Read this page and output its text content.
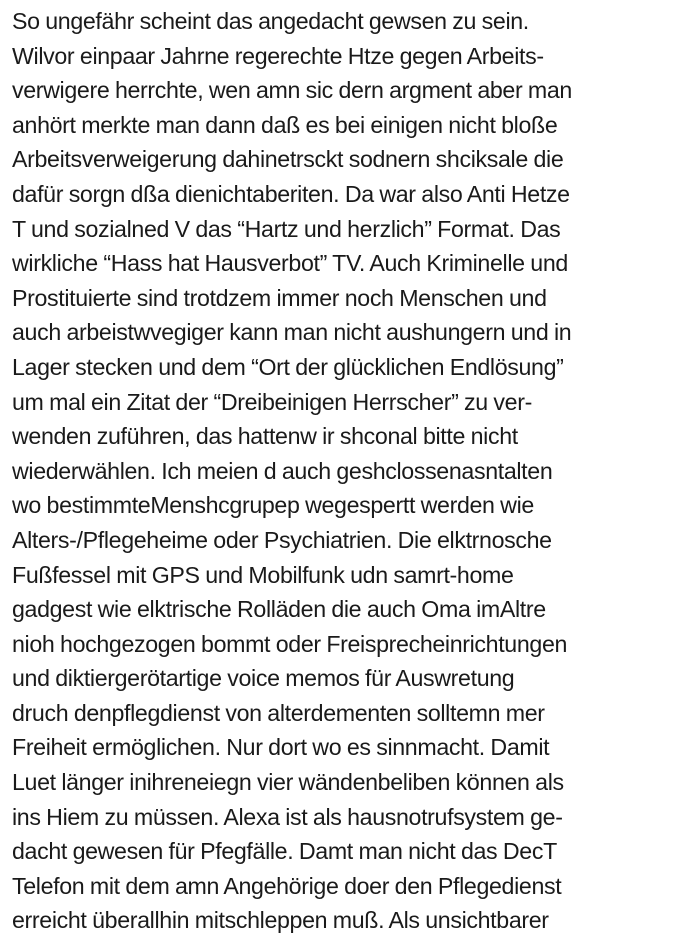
So ungefähr scheint das angedacht gewsen zu sein.
Wilvor einpaar Jahrne regerechte Htze gegen Arbeits-
verwigere herrchte, wen amn sic dern argment aber man
anhört merkte man dann daß es bei einigen nicht bloße
Arbeitsverweigerung dahinetrsckt sodnern shciksale die
dafür sorgn dßa dienichtaberiten. Da war also Anti Hetze
T und sozialned V das “Hartz und herzlich” Format. Das
wirkliche “Hass hat Hausverbot” TV. Auch Kriminelle und
Prostituierte sind trotdzem immer noch Menschen und
auch arbeistwvegiger kann man nicht aushungern und in
Lager stecken und dem “Ort der glücklichen Endlösung”
um mal ein Zitat der “Dreibeinigen Herrscher” zu ver-
wenden zuführen, das hattenw ir shconal bitte nicht
wiederwählen. Ich meien d auch geshclossenasntalten
wo bestimmteMenshcgrupep wegespertt werden wie
Alters-/Pflegeheime oder Psychiatrien. Die elktrnosche
Fußfessel mit GPS und Mobilfunk udn samrt-home
gadgest wie elktrische Rolläden die auch Oma imAltre
nioh hochgezogen bommt oder Freisprecheinrichtungen
und diktiergerötartige voice memos für Auswretung
druch denpflegdienst von alterdementen solltemn mer
Freiheit ermöglichen. Nur dort wo es sinnmacht. Damit
Luet länger inihreneiegn vier wändenbeliben können als
ins Hiem zu müssen. Alexa ist als hausnotrufsystem ge-
dacht gewesen für Pfegfälle. Damt man nicht das DecT
Telefon mit dem amn Angehörige doer den Pflegedienst
erreicht überallhin mitschleppen muß. Als unsichtbarer
